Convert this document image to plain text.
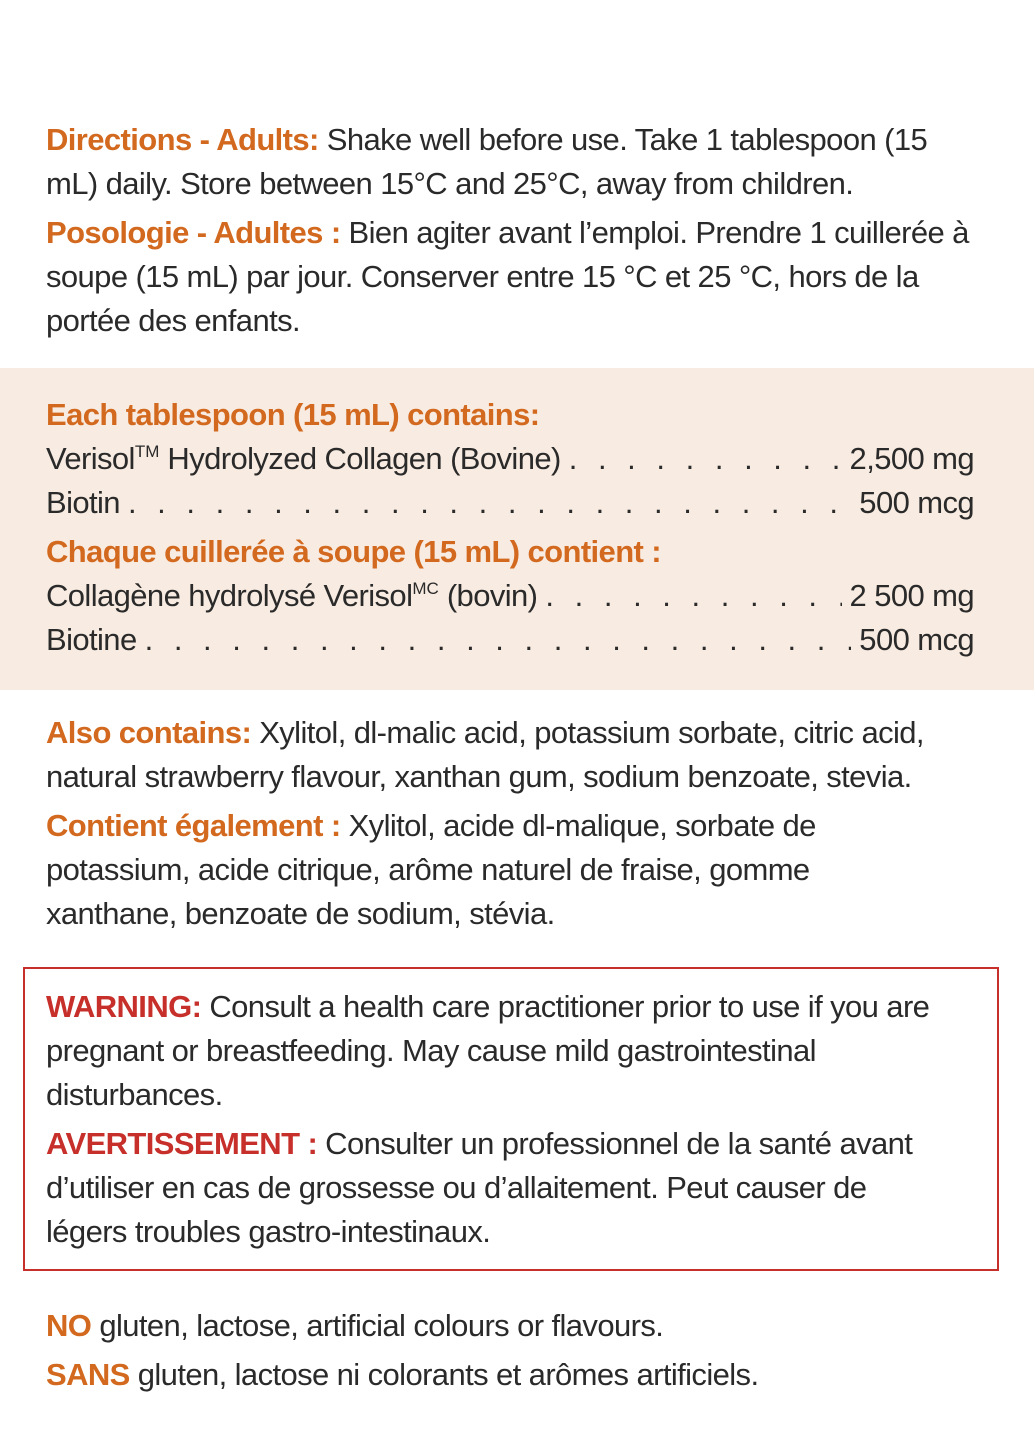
Directions - Adults: Shake well before use. Take 1 tablespoon (15 mL) daily. Store between 15°C and 25°C, away from children.

Posologie - Adultes : Bien agiter avant l’emploi. Prendre 1 cuillerée à soupe (15 mL) par jour. Conserver entre 15 °C et 25 °C, hors de la portée des enfants.

Each tablespoon (15 mL) contains:

Verisol™ Hydrolyzed Collagen (Bovine) . . .	2,500 mg
Biotin . . .	500 mcg

Chaque cuillerée à soupe (15 mL) contient :

Collagène hydrolysé Verisol$^{MC}$ (bovin) . . .	2 500 mg
Biotine . . .	500 mcg

Also contains: Xylitol, dl-malic acid, potassium sorbate, citric acid, natural strawberry flavour, xanthan gum, sodium benzoate, stevia.

Contient également : Xylitol, acide dl-malique, sorbate de potassium, acide citrique, arôme naturel de fraise, gomme xanthane, benzoate de sodium, stévia.

WARNING: Consult a health care practitioner prior to use if you are pregnant or breastfeeding. May cause mild gastrointestinal disturbances.

AVERTISSEMENT : Consulter un professionnel de la santé avant d’utiliser en cas de grossesse ou d’allaitement. Peut causer de légers troubles gastro-intestinaux.

NO gluten, lactose, artificial colours or flavours.

SANS gluten, lactose ni colorants et arômes artificiels.
